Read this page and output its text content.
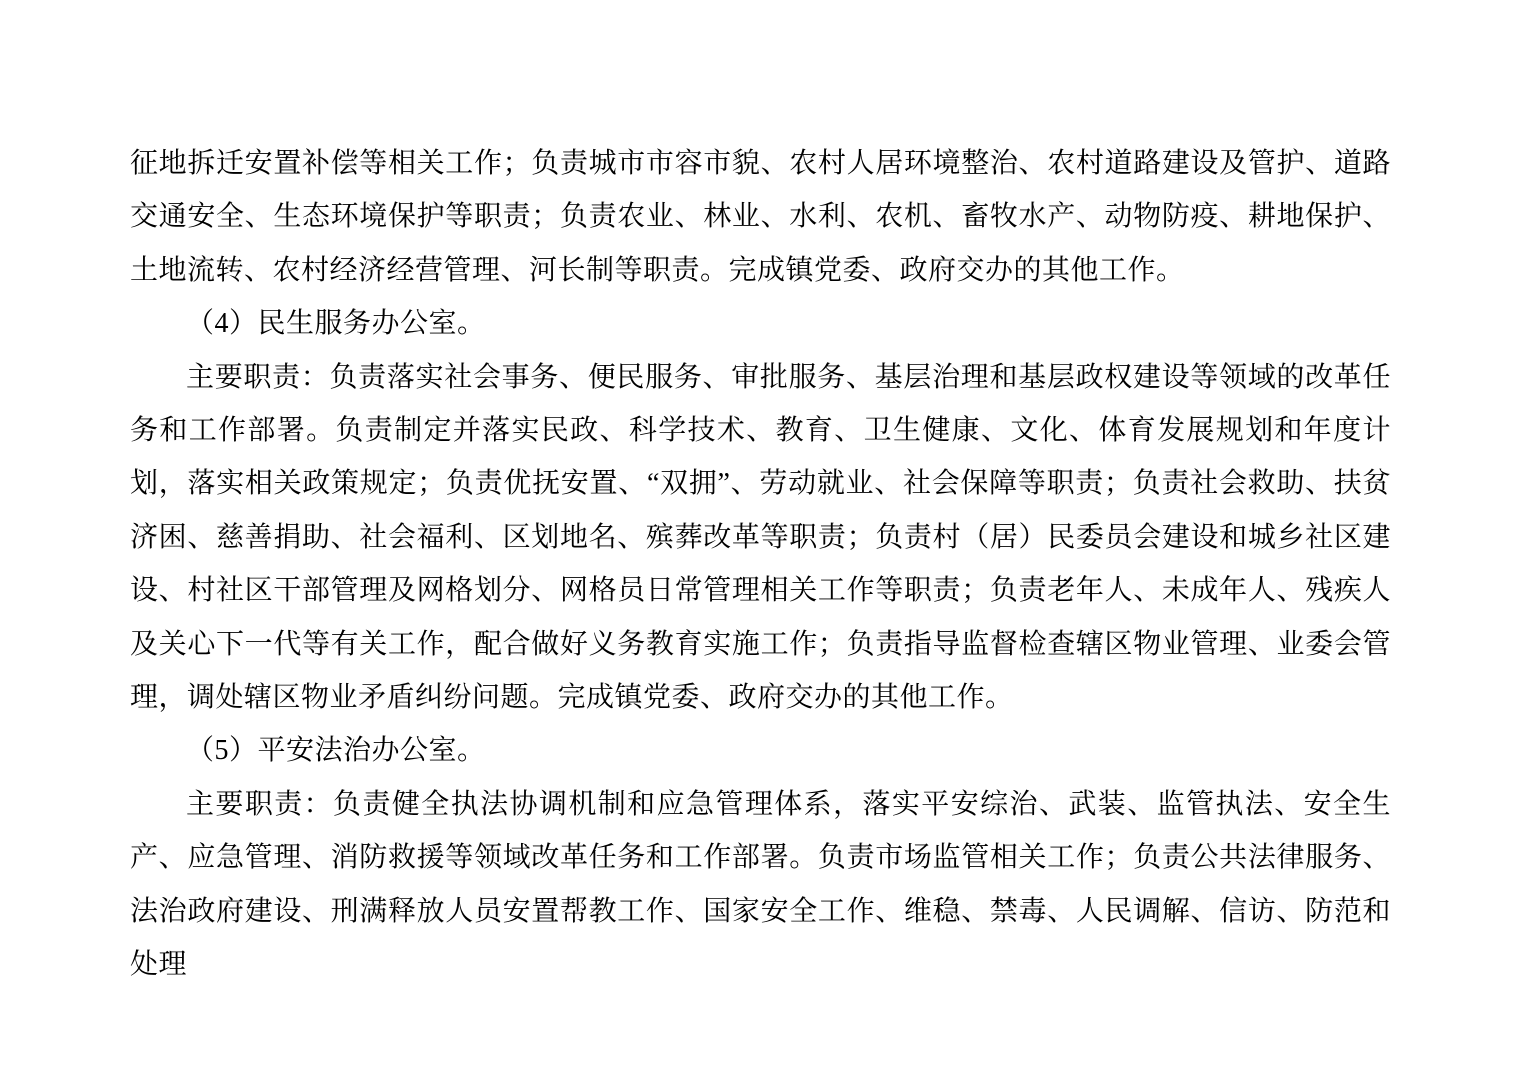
征地拆迁安置补偿等相关工作；负责城市市容市貌、农村人居环境整治、农村道路建设及管护、道路交通安全、生态环境保护等职责；负责农业、林业、水利、农机、畜牧水产、动物防疫、耕地保护、土地流转、农村经济经营管理、河长制等职责。完成镇党委、政府交办的其他工作。

（4）民生服务办公室。

主要职责：负责落实社会事务、便民服务、审批服务、基层治理和基层政权建设等领域的改革任务和工作部署。负责制定并落实民政、科学技术、教育、卫生健康、文化、体育发展规划和年度计划，落实相关政策规定；负责优抚安置、“双拥”、劳动就业、社会保障等职责；负责社会救助、扶贫济困、慈善捐助、社会福利、区划地名、殡葬改革等职责；负责村（居）民委员会建设和城乡社区建设、村社区干部管理及网格划分、网格员日常管理相关工作等职责；负责老年人、未成年人、残疾人及关心下一代等有关工作，配合做好义务教育实施工作；负责指导监督检查辖区物业管理、业委会管理，调处辖区物业矛盾纠纷问题。完成镇党委、政府交办的其他工作。

（5）平安法治办公室。

主要职责：负责健全执法协调机制和应急管理体系，落实平安综治、武装、监管执法、安全生产、应急管理、消防救援等领域改革任务和工作部署。负责市场监管相关工作；负责公共法律服务、法治政府建设、刑满释放人员安置帮教工作、国家安全工作、维稳、禁毒、人民调解、信访、防范和处理
